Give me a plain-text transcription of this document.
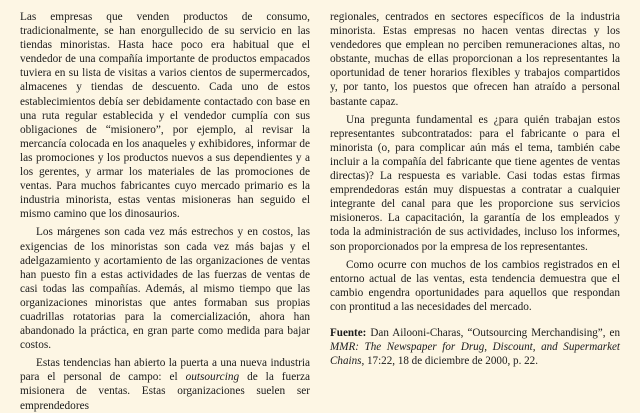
Las empresas que venden productos de consumo, tradicionalmente, se han enorgullecido de su servicio en las tiendas minoristas. Hasta hace poco era habitual que el vendedor de una compañía importante de productos empacados tuviera en su lista de visitas a varios cientos de supermercados, almacenes y tiendas de descuento. Cada uno de estos establecimientos debía ser debidamente contactado con base en una ruta regular establecida y el vendedor cumplía con sus obligaciones de “misionero”, por ejemplo, al revisar la mercancía colocada en los anaqueles y exhibidores, informar de las promociones y los productos nuevos a sus dependientes y a los gerentes, y armar los materiales de las promociones de ventas. Para muchos fabricantes cuyo mercado primario es la industria minorista, estas ventas misioneras han seguido el mismo camino que los dinosaurios.

Los márgenes son cada vez más estrechos y en costos, las exigencias de los minoristas son cada vez más bajas y el adelgazamiento y acortamiento de las organizaciones de ventas han puesto fin a estas actividades de las fuerzas de ventas de casi todas las compañías. Además, al mismo tiempo que las organizaciones minoristas que antes formaban sus propias cuadrillas rotatorias para la comercialización, ahora han abandonado la práctica, en gran parte como medida para bajar costos.

Estas tendencias han abierto la puerta a una nueva industria para el personal de campo: el outsourcing de la fuerza misionera de ventas. Estas organizaciones suelen ser emprendedores

regionales, centrados en sectores específicos de la industria minorista. Estas empresas no hacen ventas directas y los vendedores que emplean no perciben remuneraciones altas, no obstante, muchas de ellas proporcionan a los representantes la oportunidad de tener horarios flexibles y trabajos compartidos y, por tanto, los puestos que ofrecen han atraído a personal bastante capaz.

Una pregunta fundamental es ¿para quién trabajan estos representantes subcontratados: para el fabricante o para el minorista (o, para complicar aún más el tema, también cabe incluir a la compañía del fabricante que tiene agentes de ventas directas)? La respuesta es variable. Casi todas estas firmas emprendedoras están muy dispuestas a contratar a cualquier integrante del canal para que les proporcione sus servicios misioneros. La capacitación, la garantía de los empleados y toda la administración de sus actividades, incluso los informes, son proporcionados por la empresa de los representantes.

Como ocurre con muchos de los cambios registrados en el entorno actual de las ventas, esta tendencia demuestra que el cambio engendra oportunidades para aquellos que respondan con prontitud a las necesidades del mercado.

Fuente: Dan Ailooni-Charas, “Outsourcing Merchandising”, en MMR: The Newspaper for Drug, Discount, and Supermarket Chains, 17:22, 18 de diciembre de 2000, p. 22.
